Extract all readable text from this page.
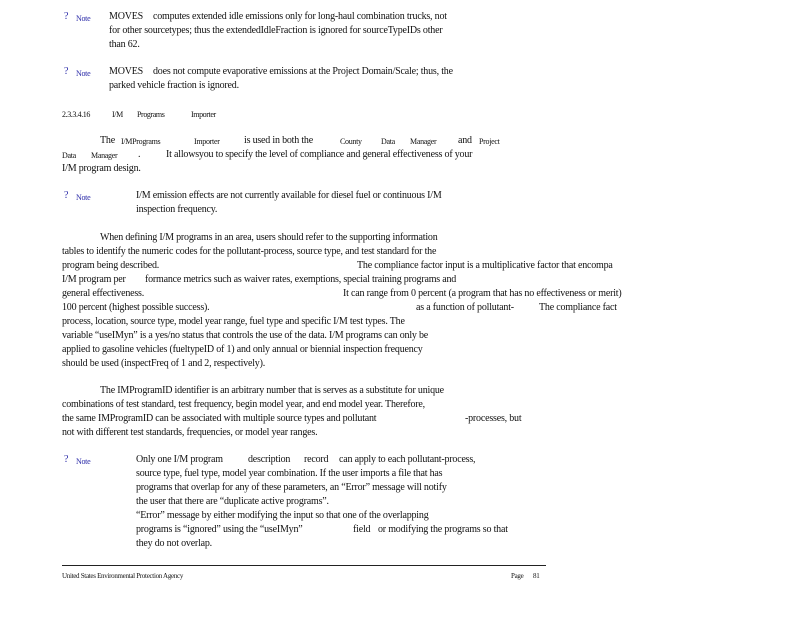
? Note MOVES computes extended idle emissions only for long-haul combination trucks, not
for other sourcetypes; thus the extendedIdleFraction is ignored for sourceTypeIDs other
than 62.
? Note MOVES does not compute evaporative emissions at the Project Domain/Scale; thus, the
parked vehicle fraction is ignored.
2.3.3.4.16	I/M Programs	Importer
The I/MPrograms	Importer is used in both the	County Data Manager and Project
Data Manager .	It allowsyou to specify the level of compliance and general effectiveness of your
I/M program design.
? Note	I/M emission effects are not currently available for diesel fuel or continuous I/M
inspection frequency.
When defining I/M programs in an area, users should refer to the supporting information
tables to identify the numeric codes for the pollutant-process, source type, and test standard for the
program being described.	The compliance factor input is a multiplicative factor that encompa
I/M program per formance metrics such as waiver rates, exemptions, special training programs and
general effectiveness.	It can range from 0 percent (a program that has no effectiveness or merit)
100 percent (highest possible success).	as a function of pollutant-	The compliance fact
process, location, source type, model year range, fuel type and specific I/M test types. The
variable “useIMyn” is a yes/no status that controls the use of the data. I/M programs can only be
applied to gasoline vehicles (fueltypeID of 1) and only annual or biennial inspection frequency
should be used (inspectFreq of 1 and 2, respectively).
The IMProgramID identifier is an arbitrary number that is serves as a substitute for unique
combinations of test standard, test frequency, begin model year, and end model year. Therefore,
the same IMProgramID can be associated with multiple source types and pollutant	-processes, but
not with different test standards, frequencies, or model year ranges.
? Note	Only one I/M program	description record can apply to each pollutant-process,
source type, fuel type, model year combination. If the user imports a file that has
programs that overlap for any of these parameters, an “Error” message will notify
the user that there are “duplicate active programs”.
“Error” message by either modifying the input so that one of the overlapping
programs is “ignored” using the “useIMyn”	field or modifying the programs so that
they do not overlap.
United States Environmental Protection Agency	Page 81
